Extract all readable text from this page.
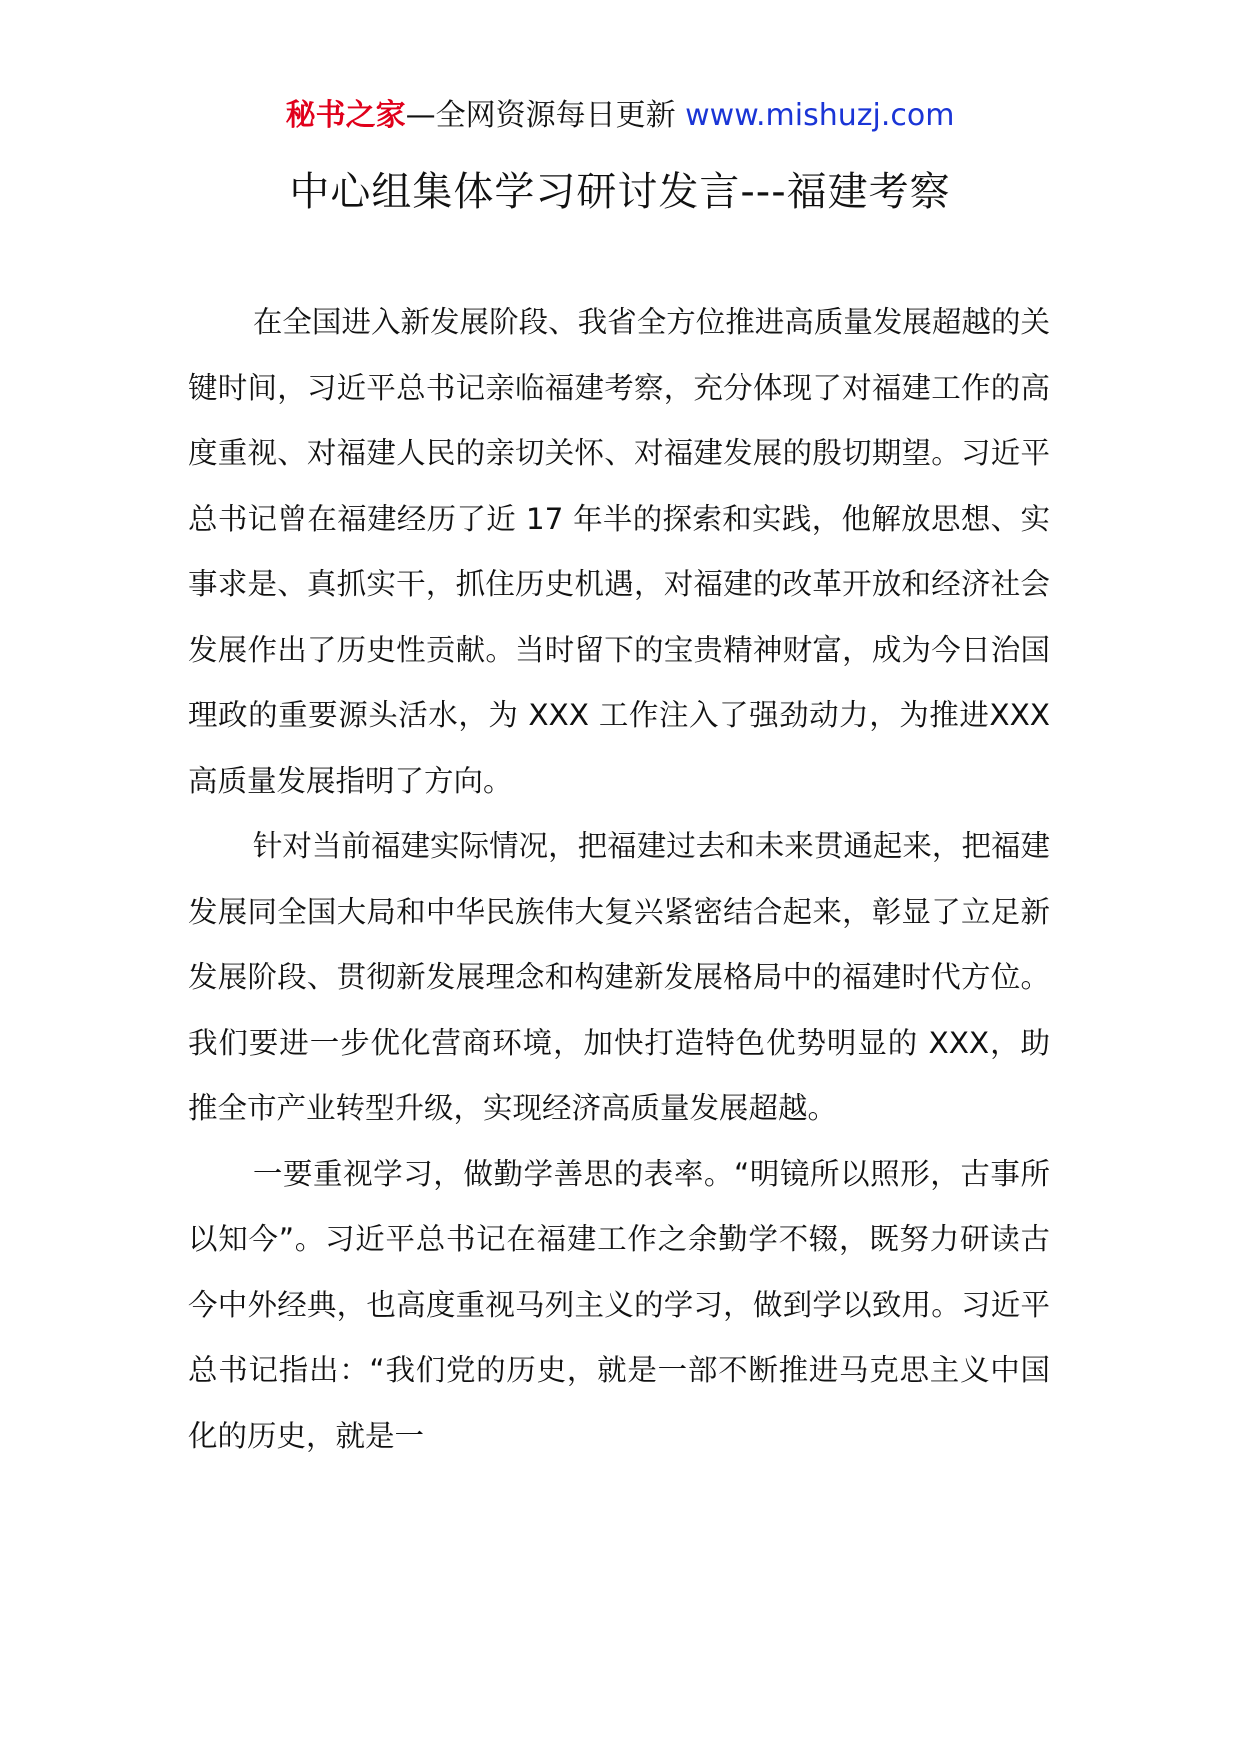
秘书之家—全网资源每日更新 www.mishuzj.com
中心组集体学习研讨发言---福建考察

在全国进入新发展阶段、我省全方位推进高质量发展超越的关键时间，习近平总书记亲临福建考察，充分体现了对福建工作的高度重视、对福建人民的亲切关怀、对福建发展的殷切期望。习近平总书记曾在福建经历了近 17 年半的探索和实践，他解放思想、实事求是、真抓实干，抓住历史机遇，对福建的改革开放和经济社会发展作出了历史性贡献。当时留下的宝贵精神财富，成为今日治国理政的重要源头活水，为 XXX 工作注入了强劲动力，为推进XXX 高质量发展指明了方向。

针对当前福建实际情况，把福建过去和未来贯通起来，把福建发展同全国大局和中华民族伟大复兴紧密结合起来，彰显了立足新发展阶段、贯彻新发展理念和构建新发展格局中的福建时代方位。我们要进一步优化营商环境，加快打造特色优势明显的 XXX，助推全市产业转型升级，实现经济高质量发展超越。

一要重视学习，做勤学善思的表率。“明镜所以照形，古事所以知今”。习近平总书记在福建工作之余勤学不辍，既努力研读古今中外经典，也高度重视马列主义的学习，做到学以致用。习近平总书记指出：“我们党的历史，就是一部不断推进马克思主义中国化的历史，就是一
